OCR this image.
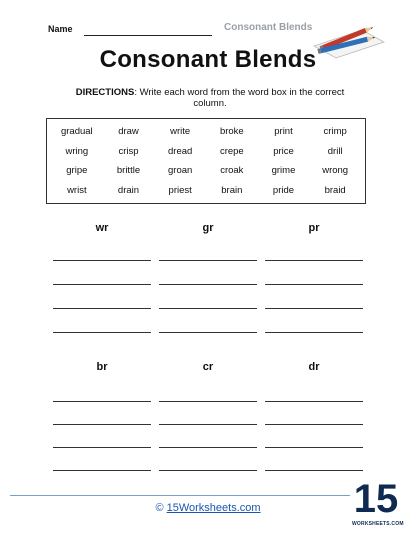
Name	Consonant Blends
Consonant Blends
DIRECTIONS: Write each word from the word box in the correct column.
gradual	draw	write	broke	print	crimp
wring	crisp	dread	crepe	price	drill
gripe	brittle	groan	croak	grime	wrong
wrist	drain	priest	brain	pride	braid
wr	gr	pr
br	cr	dr
© 15Worksheets.com	15
WORKSHEETS.COM
